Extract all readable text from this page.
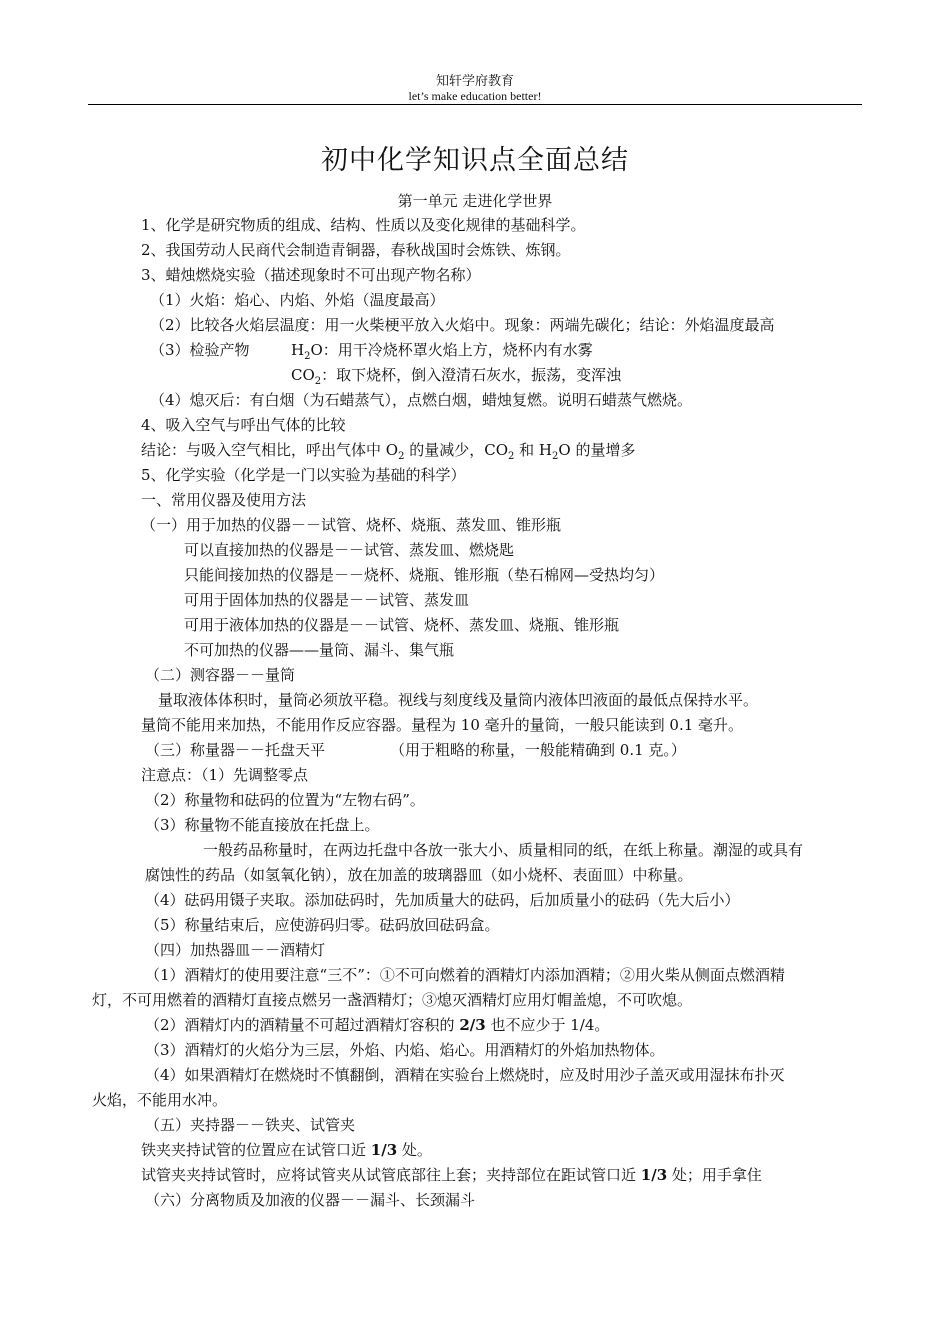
知轩学府教育
let’s make education better!
初中化学知识点全面总结
第一单元 走进化学世界
1、化学是研究物质的组成、结构、性质以及变化规律的基础科学。
2、我国劳动人民商代会制造青铜器，春秋战国时会炼铁、炼钢。
3、蜡烛燃烧实验（描述现象时不可出现产物名称）
（1）火焰：焰心、内焰、外焰（温度最高）
（2）比较各火焰层温度：用一火柴梗平放入火焰中。现象：两端先碳化；结论：外焰温度最高
（3）检验产物	$H_2O$：用干冷烧杯罩火焰上方，烧杯内有水雾
$CO_2$：取下烧杯，倒入澄清石灰水，振荡，变浑浊
（4）熄灭后：有白烟（为石蜡蒸气），点燃白烟，蜡烛复燃。说明石蜡蒸气燃烧。
4、吸入空气与呼出气体的比较
结论：与吸入空气相比，呼出气体中 $O_2$ 的量减少，$CO_2$ 和 $H_2O$ 的量增多
5、化学实验（化学是一门以实验为基础的科学）
一、常用仪器及使用方法
（一）用于加热的仪器－－试管、烧杯、烧瓶、蒸发皿、锥形瓶
可以直接加热的仪器是－－试管、蒸发皿、燃烧匙
只能间接加热的仪器是－－烧杯、烧瓶、锥形瓶（垫石棉网—受热均匀）
可用于固体加热的仪器是－－试管、蒸发皿
可用于液体加热的仪器是－－试管、烧杯、蒸发皿、烧瓶、锥形瓶
不可加热的仪器——量筒、漏斗、集气瓶
（二）测容器－－量筒
量取液体体积时，量筒必须放平稳。视线与刻度线及量筒内液体凹液面的最低点保持水平。
量筒不能用来加热，不能用作反应容器。量程为 10 毫升的量筒，一般只能读到 0.1 毫升。
（三）称量器－－托盘天平	（用于粗略的称量，一般能精确到 0.1 克。）
注意点：（1）先调整零点
（2）称量物和砝码的位置为“左物右码”。
（3）称量物不能直接放在托盘上。
一般药品称量时，在两边托盘中各放一张大小、质量相同的纸，在纸上称量。潮湿的或具有
腐蚀性的药品（如氢氧化钠），放在加盖的玻璃器皿（如小烧杯、表面皿）中称量。
（4）砝码用镊子夹取。添加砝码时，先加质量大的砝码，后加质量小的砝码（先大后小）
（5）称量结束后，应使游码归零。砝码放回砝码盒。
（四）加热器皿－－酒精灯
（1）酒精灯的使用要注意“三不”：①不可向燃着的酒精灯内添加酒精；②用火柴从侧面点燃酒精
灯，不可用燃着的酒精灯直接点燃另一盏酒精灯；③熄灭酒精灯应用灯帽盖熄，不可吹熄。
（2）酒精灯内的酒精量不可超过酒精灯容积的 2/3 也不应少于 1/4。
（3）酒精灯的火焰分为三层，外焰、内焰、焰心。用酒精灯的外焰加热物体。
（4）如果酒精灯在燃烧时不慎翻倒，酒精在实验台上燃烧时，应及时用沙子盖灭或用湿抹布扑灭
火焰，不能用水冲。
（五）夹持器－－铁夹、试管夹
铁夹夹持试管的位置应在试管口近 1/3 处。
试管夹夹持试管时，应将试管夹从试管底部往上套；夹持部位在距试管口近 1/3 处；用手拿住
（六）分离物质及加液的仪器－－漏斗、长颈漏斗
